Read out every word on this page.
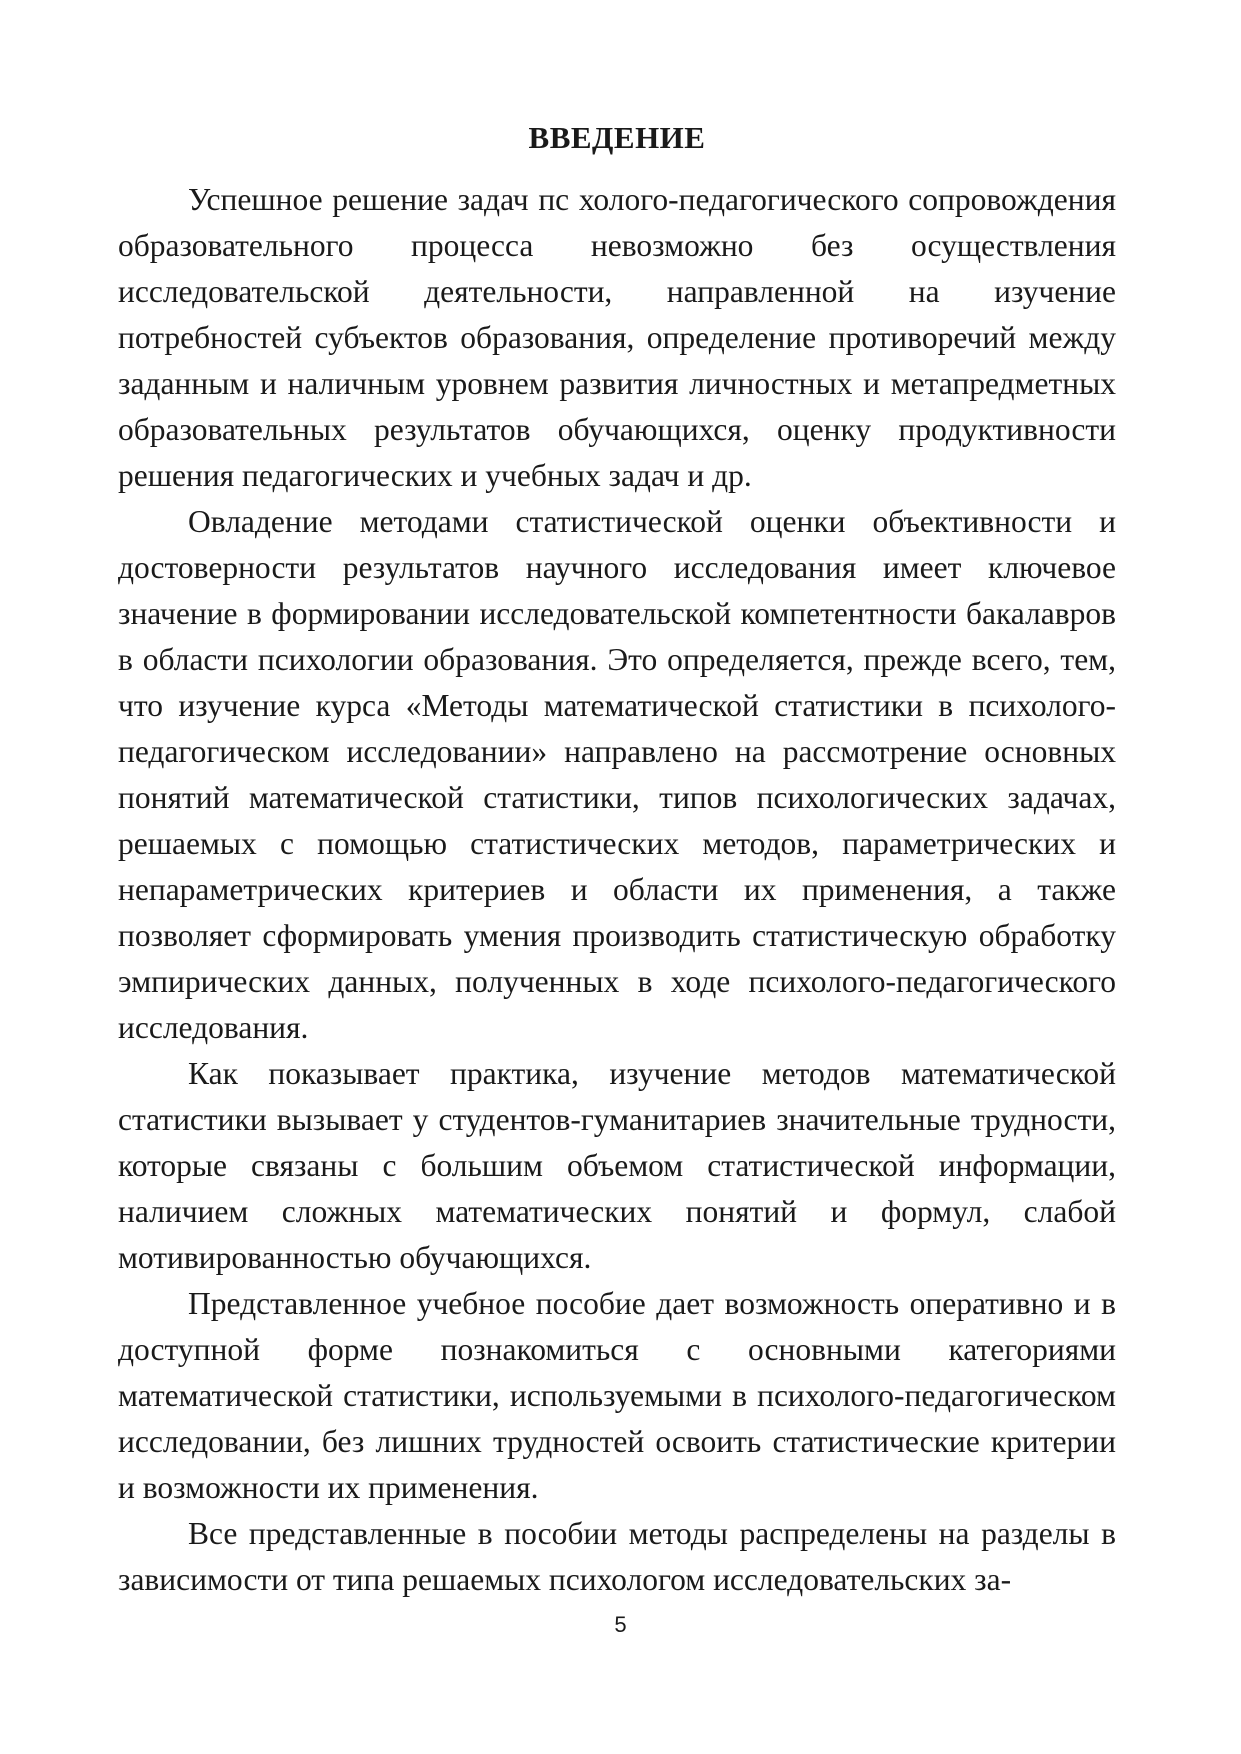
ВВЕДЕНИЕ

Успешное решение задач пс холого-педагогического сопровождения образовательного процесса невозможно без осуществления исследовательской деятельности, направленной на изучение потребностей субъектов образования, определение противоречий между заданным и наличным уровнем развития личностных и метапредметных образовательных результатов обучающихся, оценку продуктивности решения педагогических и учебных задач и др.

Овладение методами статистической оценки объективности и достоверности результатов научного исследования имеет ключевое значение в формировании исследовательской компетентности бакалавров в области психологии образования. Это определяется, прежде всего, тем, что изучение курса «Методы математической статистики в психолого-педагогическом исследовании» направлено на рассмотрение основных понятий математической статистики, типов психологических задачах, решаемых с помощью статистических методов, параметрических и непараметрических критериев и области их применения, а также позволяет сформировать умения производить статистическую обработку эмпирических данных, полученных в ходе психолого-педагогического исследования.

Как показывает практика, изучение методов математической статистики вызывает у студентов-гуманитариев значительные трудности, которые связаны с большим объемом статистической информации, наличием сложных математических понятий и формул, слабой мотивированностью обучающихся.

Представленное учебное пособие дает возможность оперативно и в доступной форме познакомиться с основными категориями математической статистики, используемыми в психолого-педагогическом исследовании, без лишних трудностей освоить статистические критерии и возможности их применения.

Все представленные в пособии методы распределены на разделы в зависимости от типа решаемых психологом исследовательских за-

5
